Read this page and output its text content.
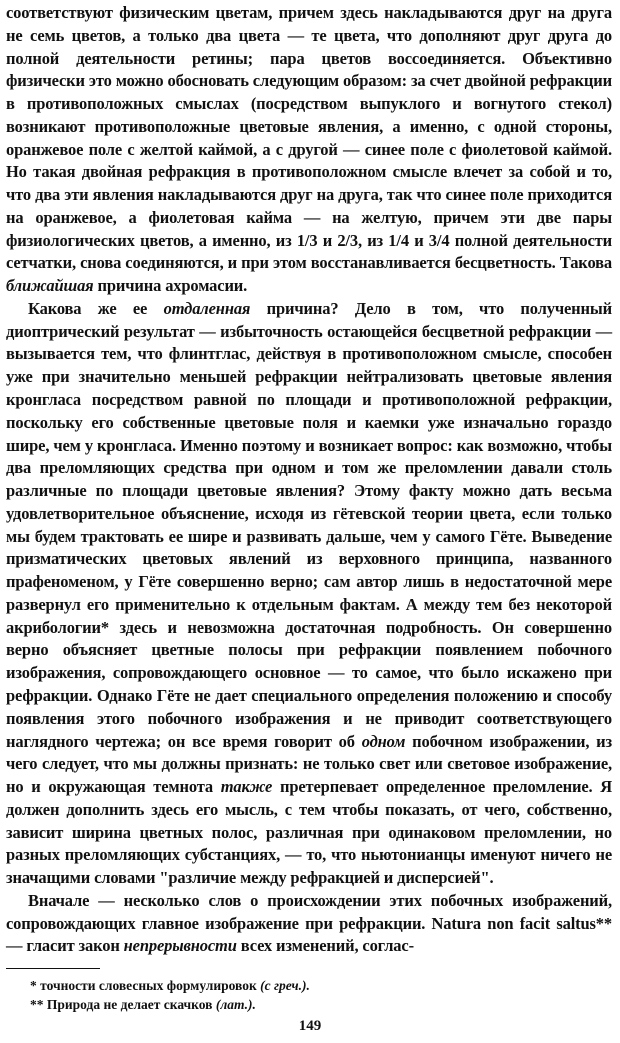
соответствуют физическим цветам, причем здесь накладываются друг на друга не семь цветов, а только два цвета — те цвета, что дополняют друг друга до полной деятельности ретины; пара цветов воссоединяется. Объективно физически это можно обосновать следующим образом: за счет двойной рефракции в противоположных смыслах (посредством выпуклого и вогнутого стекол) возникают противоположные цветовые явления, а именно, с одной стороны, оранжевое поле с желтой каймой, а с другой — синее поле с фиолетовой каймой. Но такая двойная рефракция в противоположном смысле влечет за собой и то, что два эти явления накладываются друг на друга, так что синее поле приходится на оранжевое, а фиолетовая кайма — на желтую, причем эти две пары физиологических цветов, а именно, из 1/3 и 2/3, из 1/4 и 3/4 полной деятельности сетчатки, снова соединяются, и при этом восстанавливается бесцветность. Такова ближайшая причина ахромасии.

Какова же ее отдаленная причина? Дело в том, что полученный диоптрический результат — избыточность остающейся бесцветной рефракции — вызывается тем, что флинтглас, действуя в противоположном смысле, способен уже при значительно меньшей рефракции нейтрализовать цветовые явления кронгласа посредством равной по площади и противоположной рефракции, поскольку его собственные цветовые поля и каемки уже изначально гораздо шире, чем у кронгласа. Именно поэтому и возникает вопрос: как возможно, чтобы два преломляющих средства при одном и том же преломлении давали столь различные по площади цветовые явления? Этому факту можно дать весьма удовлетворительное объяснение, исходя из гётевской теории цвета, если только мы будем трактовать ее шире и развивать дальше, чем у самого Гёте. Выведение призматических цветовых явлений из верховного принципа, названного прафеноменом, у Гёте совершенно верно; сам автор лишь в недостаточной мере развернул его применительно к отдельным фактам. А между тем без некоторой акрибологии* здесь и невозможна достаточная подробность. Он совершенно верно объясняет цветные полосы при рефракции появлением побочного изображения, сопровождающего основное — то самое, что было искажено при рефракции. Однако Гёте не дает специального определения положению и способу появления этого побочного изображения и не приводит соответствующего наглядного чертежа; он все время говорит об одном побочном изображении, из чего следует, что мы должны признать: не только свет или световое изображение, но и окружающая темнота также претерпевает определенное преломление. Я должен дополнить здесь его мысль, с тем чтобы показать, от чего, собственно, зависит ширина цветных полос, различная при одинаковом преломлении, но разных преломляющих субстанциях, — то, что ньютонианцы именуют ничего не значащими словами "различие между рефракцией и дисперсией".

Вначале — несколько слов о происхождении этих побочных изображений, сопровождающих главное изображение при рефракции. Natura non facit saltus** — гласит закон непрерывности всех изменений, соглас-

* точности словесных формулировок (с греч.).

** Природа не делает скачков (лат.).

149
